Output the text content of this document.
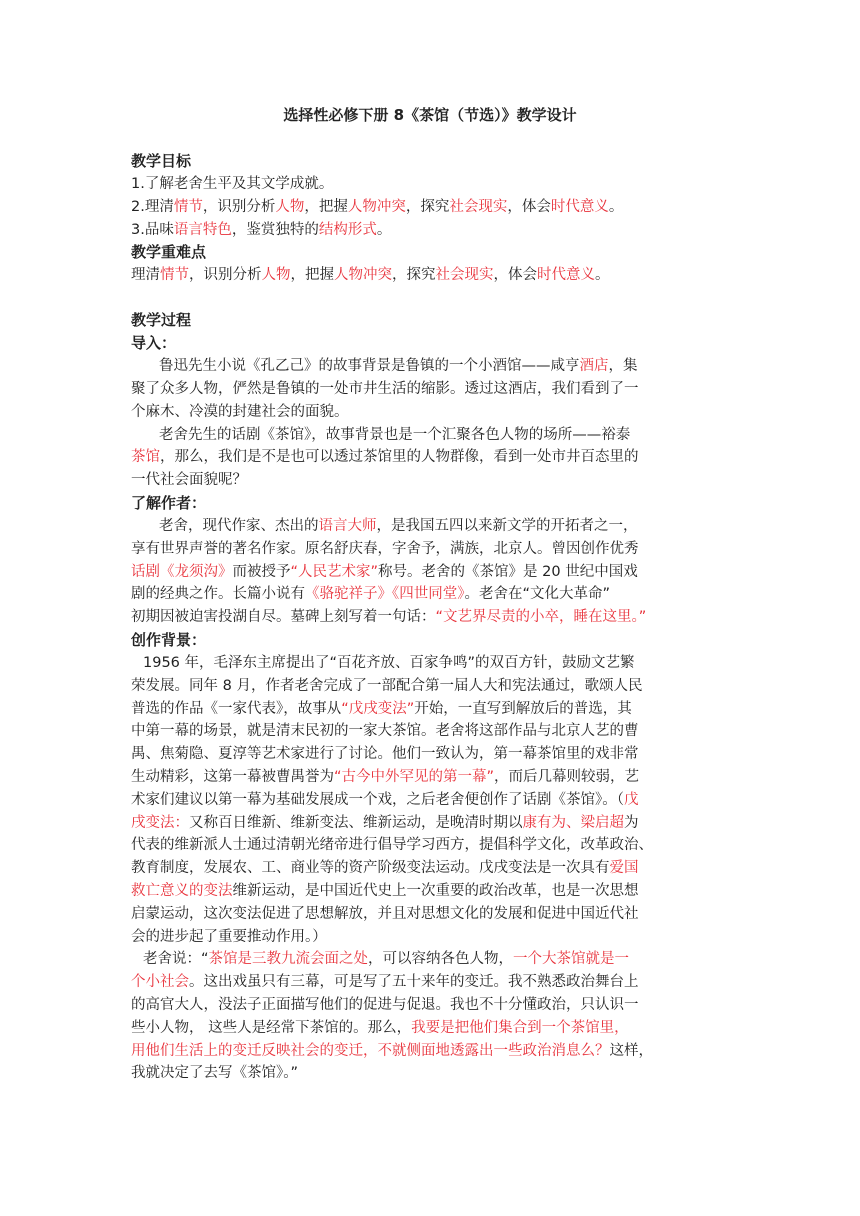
选择性必修下册 8《茶馆（节选）》教学设计

教学目标

1.了解老舍生平及其文学成就。

2.理清情节，识别分析人物，把握人物冲突，探究社会现实，体会时代意义。

3.品味语言特色，鉴赏独特的结构形式。

教学重难点

理清情节，识别分析人物，把握人物冲突，探究社会现实，体会时代意义。

教学过程

导入：

鲁迅先生小说《孔乙己》的故事背景是鲁镇的一个小酒馆——咸亨酒店，集

聚了众多人物，俨然是鲁镇的一处市井生活的缩影。透过这酒店，我们看到了一

个麻木、冷漠的封建社会的面貌。

老舍先生的话剧《茶馆》，故事背景也是一个汇聚各色人物的场所——裕泰

茶馆，那么，我们是不是也可以透过茶馆里的人物群像，看到一处市井百态里的

一代社会面貌呢？

了解作者：

老舍，现代作家、杰出的语言大师，是我国五四以来新文学的开拓者之一，

享有世界声誉的著名作家。原名舒庆春，字舍予，满族，北京人。曾因创作优秀

话剧《龙须沟》而被授予“人民艺术家”称号。老舍的《茶馆》是 20 世纪中国戏

剧的经典之作。长篇小说有《骆驼祥子》《四世同堂》。老舍在“文化大革命”

初期因被迫害投湖自尽。墓碑上刻写着一句话：“文艺界尽责的小卒，睡在这里。”

创作背景：

1956 年，毛泽东主席提出了“百花齐放、百家争鸣”的双百方针，鼓励文艺繁

荣发展。同年 8 月，作者老舍完成了一部配合第一届人大和宪法通过，歌颂人民

普选的作品《一家代表》，故事从“戊戌变法”开始，一直写到解放后的普选，其

中第一幕的场景，就是清末民初的一家大茶馆。老舍将这部作品与北京人艺的曹

禺、焦菊隐、夏淳等艺术家进行了讨论。他们一致认为，第一幕茶馆里的戏非常

生动精彩，这第一幕被曹禺誉为“古今中外罕见的第一幕”，而后几幕则较弱，艺

术家们建议以第一幕为基础发展成一个戏，之后老舍便创作了话剧《茶馆》。（戊

戌变法：又称百日维新、维新变法、维新运动，是晚清时期以康有为、梁启超为

代表的维新派人士通过清朝光绪帝进行倡导学习西方，提倡科学文化，改革政治、

教育制度，发展农、工、商业等的资产阶级变法运动。戊戌变法是一次具有爱国

救亡意义的变法维新运动，是中国近代史上一次重要的政治改革，也是一次思想

启蒙运动，这次变法促进了思想解放，并且对思想文化的发展和促进中国近代社

会的进步起了重要推动作用。）

老舍说：“茶馆是三教九流会面之处，可以容纳各色人物，一个大茶馆就是一

个小社会。这出戏虽只有三幕，可是写了五十来年的变迁。我不熟悉政治舞台上

的高官大人，没法子正面描写他们的促进与促退。我也不十分懂政治，只认识一

些小人物， 这些人是经常下茶馆的。那么，我要是把他们集合到一个茶馆里，

用他们生活上的变迁反映社会的变迁，不就侧面地透露出一些政治消息么？这样，

我就决定了去写《茶馆》。”
